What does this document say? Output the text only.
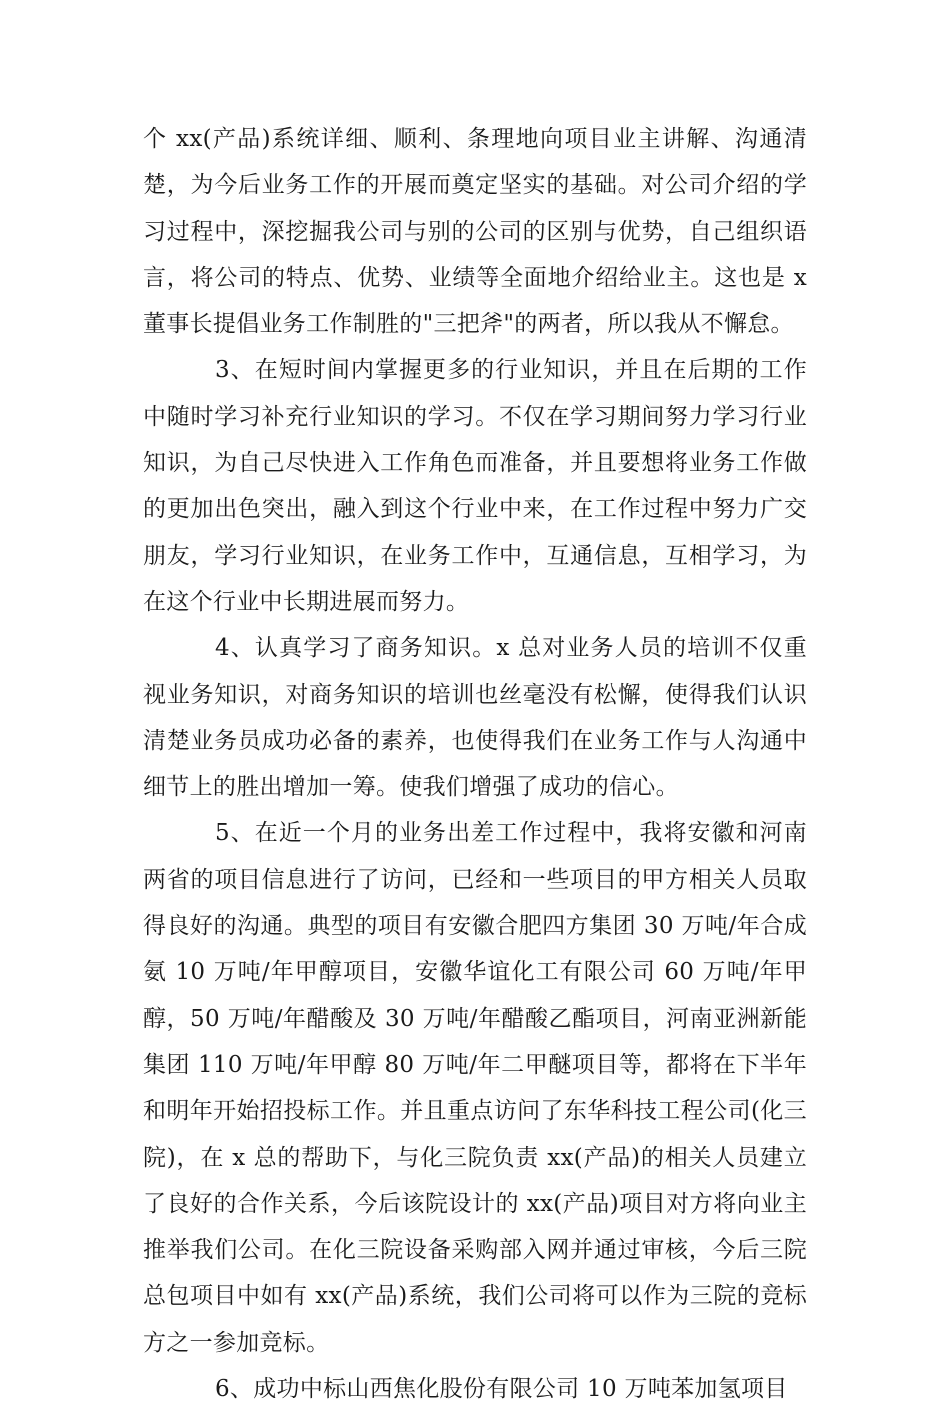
个 xx(产品)系统详细、顺利、条理地向项目业主讲解、沟通清楚，为今后业务工作的开展而奠定坚实的基础。对公司介绍的学习过程中，深挖掘我公司与别的公司的区别与优势，自己组织语言，将公司的特点、优势、业绩等全面地介绍给业主。这也是 x 董事长提倡业务工作制胜的"三把斧"的两者，所以我从不懈怠。

3、在短时间内掌握更多的行业知识，并且在后期的工作中随时学习补充行业知识的学习。不仅在学习期间努力学习行业知识，为自己尽快进入工作角色而准备，并且要想将业务工作做的更加出色突出，融入到这个行业中来，在工作过程中努力广交朋友，学习行业知识，在业务工作中，互通信息，互相学习，为在这个行业中长期进展而努力。

4、认真学习了商务知识。x 总对业务人员的培训不仅重视业务知识，对商务知识的培训也丝毫没有松懈，使得我们认识清楚业务员成功必备的素养，也使得我们在业务工作与人沟通中细节上的胜出增加一筹。使我们增强了成功的信心。

5、在近一个月的业务出差工作过程中，我将安徽和河南两省的项目信息进行了访问，已经和一些项目的甲方相关人员取得良好的沟通。典型的项目有安徽合肥四方集团 30 万吨/年合成氨 10 万吨/年甲醇项目，安徽华谊化工有限公司 60 万吨/年甲醇，50 万吨/年醋酸及 30 万吨/年醋酸乙酯项目，河南亚洲新能集团 110 万吨/年甲醇 80 万吨/年二甲醚项目等，都将在下半年和明年开始招投标工作。并且重点访问了东华科技工程公司(化三院)，在 x 总的帮助下，与化三院负责 xx(产品)的相关人员建立了良好的合作关系，今后该院设计的 xx(产品)项目对方将向业主推举我们公司。在化三院设备采购部入网并通过审核，今后三院总包项目中如有 xx(产品)系统，我们公司将可以作为三院的竞标方之一参加竞标。

6、成功中标山西焦化股份有限公司 10 万吨苯加氢项目
